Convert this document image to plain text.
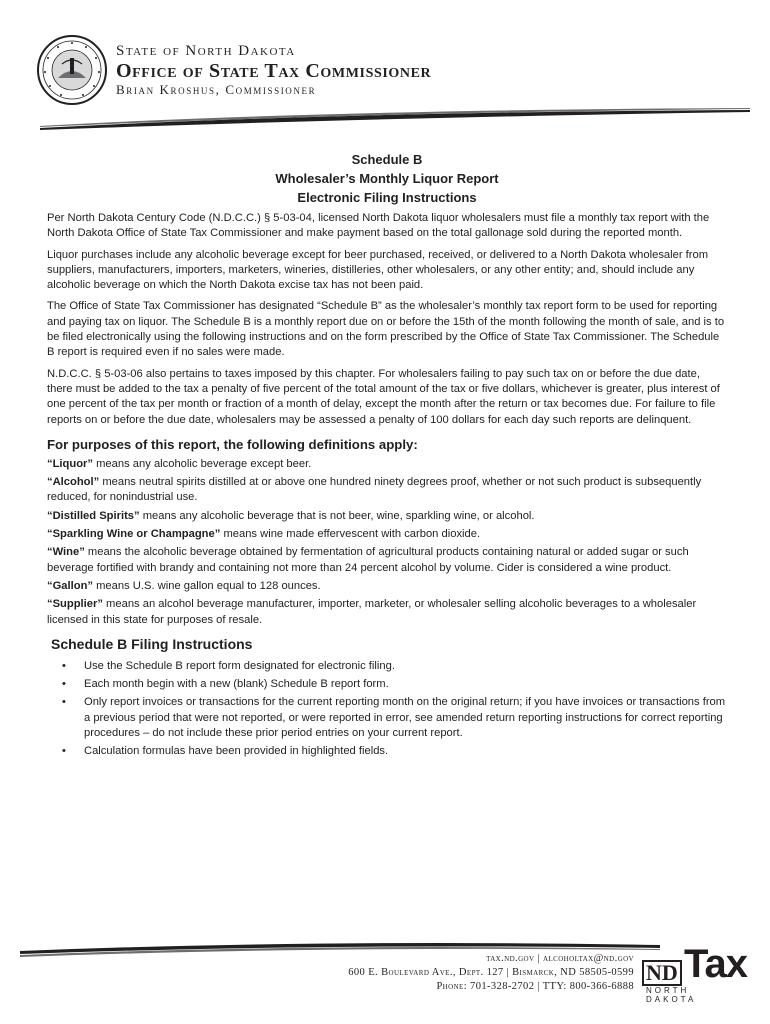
State of North Dakota
Office of State Tax Commissioner
Brian Kroshus, Commissioner
Schedule B
Wholesaler’s Monthly Liquor Report
Electronic Filing Instructions

Per North Dakota Century Code (N.D.C.C.) § 5-03-04, licensed North Dakota liquor wholesalers must file a monthly tax report with the North Dakota Office of State Tax Commissioner and make payment based on the total gallonage sold during the reported month.

Liquor purchases include any alcoholic beverage except for beer purchased, received, or delivered to a North Dakota wholesaler from suppliers, manufacturers, importers, marketers, wineries, distilleries, other wholesalers, or any other entity; and, should include any alcoholic beverage on which the North Dakota excise tax has not been paid.

The Office of State Tax Commissioner has designated “Schedule B” as the wholesaler’s monthly tax report form to be used for reporting and paying tax on liquor. The Schedule B is a monthly report due on or before the 15th of the month following the month of sale, and is to be filed electronically using the following instructions and on the form prescribed by the Office of State Tax Commissioner. The Schedule B report is required even if no sales were made.

N.D.C.C. § 5-03-06 also pertains to taxes imposed by this chapter. For wholesalers failing to pay such tax on or before the due date, there must be added to the tax a penalty of five percent of the total amount of the tax or five dollars, whichever is greater, plus interest of one percent of the tax per month or fraction of a month of delay, except the month after the return or tax becomes due. For failure to file reports on or before the due date, wholesalers may be assessed a penalty of 100 dollars for each day such reports are delinquent.

For purposes of this report, the following definitions apply:

“Liquor” means any alcoholic beverage except beer.

“Alcohol” means neutral spirits distilled at or above one hundred ninety degrees proof, whether or not such product is subsequently reduced, for nonindustrial use.

“Distilled Spirits” means any alcoholic beverage that is not beer, wine, sparkling wine, or alcohol.

“Sparkling Wine or Champagne” means wine made effervescent with carbon dioxide.

“Wine” means the alcoholic beverage obtained by fermentation of agricultural products containing natural or added sugar or such beverage fortified with brandy and containing not more than 24 percent alcohol by volume. Cider is considered a wine product.

“Gallon” means U.S. wine gallon equal to 128 ounces.

“Supplier” means an alcohol beverage manufacturer, importer, marketer, or wholesaler selling alcoholic beverages to a wholesaler licensed in this state for purposes of resale.

Schedule B Filing Instructions
• Use the Schedule B report form designated for electronic filing.
• Each month begin with a new (blank) Schedule B report form.
• Only report invoices or transactions for the current reporting month on the original return; if you have invoices or transactions from a previous period that were not reported, or were reported in error, see amended return reporting instructions for correct reporting procedures – do not include these prior period entries on your current report.
• Calculation formulas have been provided in highlighted fields.
tax.nd.gov | alcoholtax@nd.gov
600 E. Boulevard Ave., Dept. 127 | Bismarck, ND 58505-0599
Phone: 701-328-2702 | TTY: 800-366-6888
ND Tax
NORTH DAKOTA
